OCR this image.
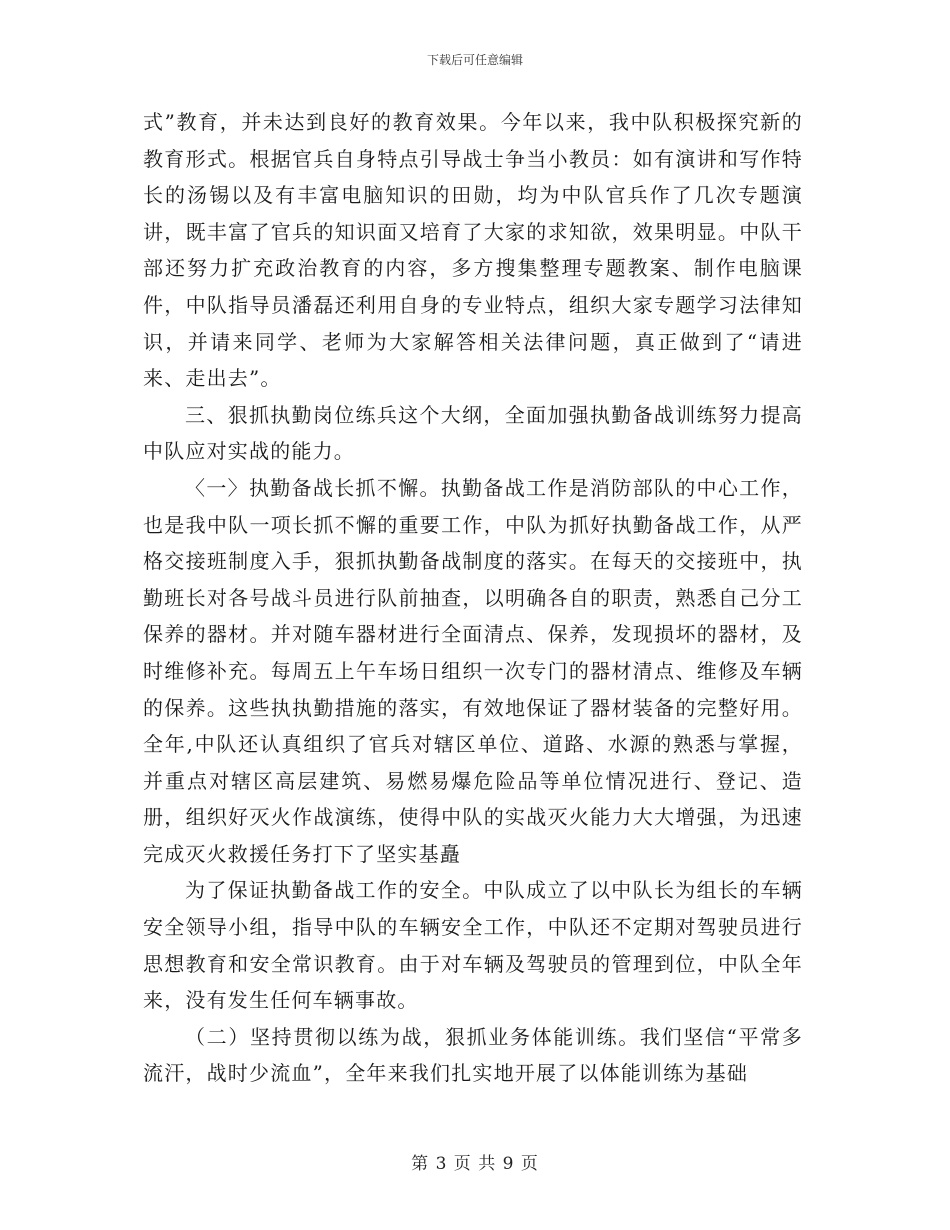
下载后可任意编辑

式”教育，并未达到良好的教育效果。今年以来，我中队积极探究新的教育形式。根据官兵自身特点引导战士争当小教员：如有演讲和写作特长的汤锡以及有丰富电脑知识的田勋，均为中队官兵作了几次专题演讲，既丰富了官兵的知识面又培育了大家的求知欲，效果明显。中队干部还努力扩充政治教育的内容，多方搜集整理专题教案、制作电脑课件，中队指导员潘磊还利用自身的专业特点，组织大家专题学习法律知识，并请来同学、老师为大家解答相关法律问题，真正做到了“请进来、走出去”。

三、狠抓执勤岗位练兵这个大纲，全面加强执勤备战训练努力提高中队应对实战的能力。

〈一〉执勤备战长抓不懈。执勤备战工作是消防部队的中心工作，也是我中队一项长抓不懈的重要工作，中队为抓好执勤备战工作，从严格交接班制度入手，狠抓执勤备战制度的落实。在每天的交接班中，执勤班长对各号战斗员进行队前抽查，以明确各自的职责，熟悉自己分工保养的器材。并对随车器材进行全面清点、保养，发现损坏的器材，及时维修补充。每周五上午车场日组织一次专门的器材清点、维修及车辆的保养。这些执执勤措施的落实，有效地保证了器材装备的完整好用。全年,中队还认真组织了官兵对辖区单位、道路、水源的熟悉与掌握，并重点对辖区高层建筑、易燃易爆危险品等单位情况进行、登记、造册，组织好灭火作战演练，使得中队的实战灭火能力大大增强，为迅速完成灭火救援任务打下了坚实基矗

为了保证执勤备战工作的安全。中队成立了以中队长为组长的车辆安全领导小组，指导中队的车辆安全工作，中队还不定期对驾驶员进行思想教育和安全常识教育。由于对车辆及驾驶员的管理到位，中队全年来，没有发生任何车辆事故。

（二）坚持贯彻以练为战，狠抓业务体能训练。我们坚信“平常多流汗，战时少流血”，全年来我们扎实地开展了以体能训练为基础

第 3 页 共 9 页
